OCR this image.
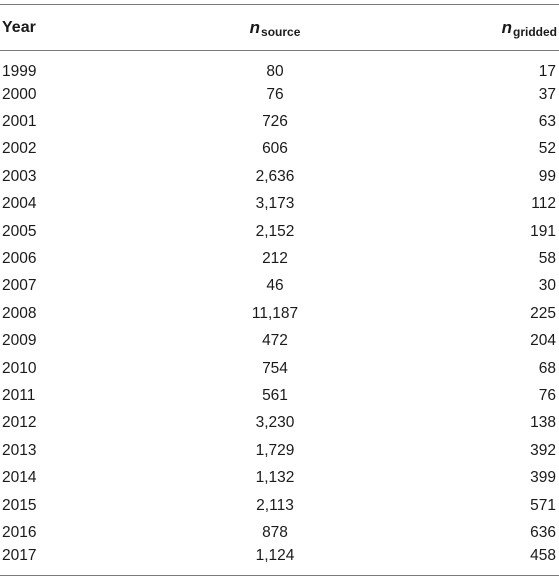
Year	nsource	ngridded
1999	80	17
2000	76	37
2001	726	63
2002	606	52
2003	2,636	99
2004	3,173	112
2005	2,152	191
2006	212	58
2007	46	30
2008	11,187	225
2009	472	204
2010	754	68
2011	561	76
2012	3,230	138
2013	1,729	392
2014	1,132	399
2015	2,113	571
2016	878	636
2017	1,124	458
